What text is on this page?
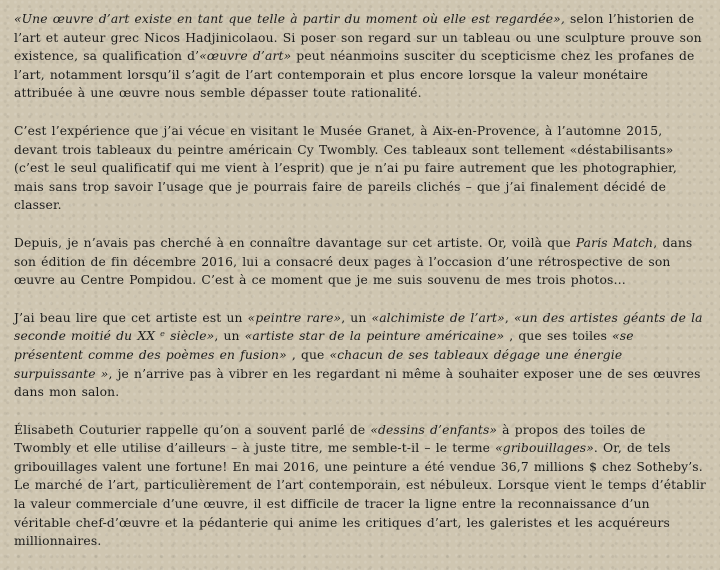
«Une œuvre d’art existe en tant que telle à partir du moment où elle est regardée», selon l’historien de l’art et auteur grec Nicos Hadjinicolaou. Si poser son regard sur un tableau ou une sculpture prouve son existence, sa qualification d’«œuvre d’art» peut néanmoins susciter du scepticisme chez les profanes de l’art, notamment lorsqu’il s’agit de l’art contemporain et plus encore lorsque la valeur monétaire attribuée à une œuvre nous semble dépasser toute rationalité.

C’est l’expérience que j’ai vécue en visitant le Musée Granet, à Aix-en-Provence, à l’automne 2015, devant trois tableaux du peintre américain Cy Twombly. Ces tableaux sont tellement «déstabilisants» (c’est le seul qualificatif qui me vient à l’esprit) que je n’ai pu faire autrement que les photographier, mais sans trop savoir l’usage que je pourrais faire de pareils clichés – que j’ai finalement décidé de classer.

Depuis, je n’avais pas cherché à en connaître davantage sur cet artiste. Or, voilà que Paris Match, dans son édition de fin décembre 2016, lui a consacré deux pages à l’occasion d’une rétrospective de son œuvre au Centre Pompidou. C’est à ce moment que je me suis souvenu de mes trois photos…

J’ai beau lire que cet artiste est un «peintre rare», un «alchimiste de l’art», «un des artistes géants de la seconde moitié du XX ᵉ siècle», un «artiste star de la peinture américaine» , que ses toiles «se présentent comme des poèmes en fusion» , que «chacun de ses tableaux dégage une énergie surpuissante », je n’arrive pas à vibrer en les regardant ni même à souhaiter exposer une de ses œuvres dans mon salon.

Élisabeth Couturier rappelle qu’on a souvent parlé de «dessins d’enfants» à propos des toiles de Twombly et elle utilise d’ailleurs – à juste titre, me semble-t-il – le terme «gribouillages». Or, de tels gribouillages valent une fortune! En mai 2016, une peinture a été vendue 36,7 millions $ chez Sotheby’s. Le marché de l’art, particulièrement de l’art contemporain, est nébuleux. Lorsque vient le temps d’établir la valeur commerciale d’une œuvre, il est difficile de tracer la ligne entre la reconnaissance d’un véritable chef-d’œuvre et la pédanterie qui anime les critiques d’art, les galeristes et les acquéreurs millionnaires.
